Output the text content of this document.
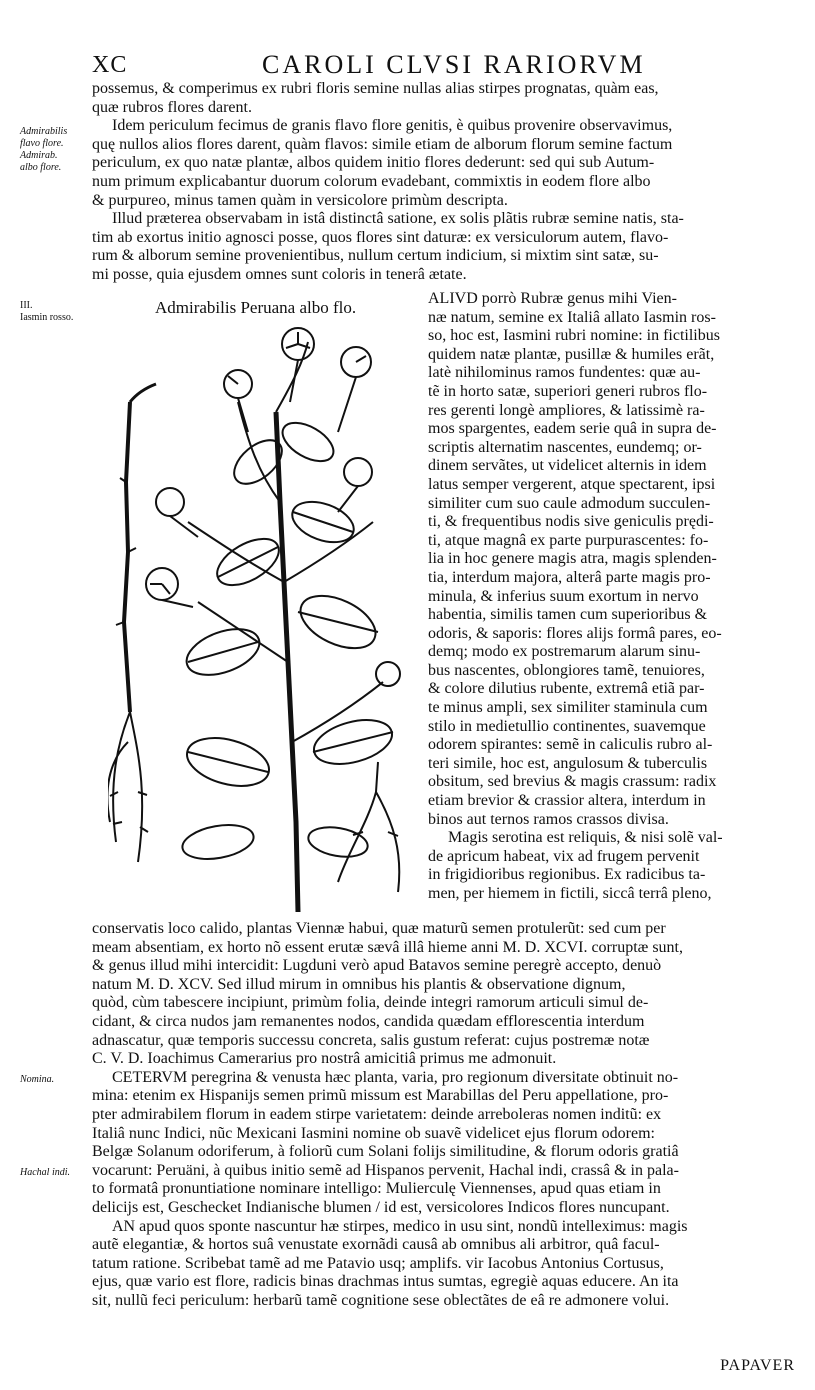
XC	CAROLI CLVSI RARIORVM
possemus, & comperimus ex rubri floris semine nullas alias stirpes prognatas, quàm eas,
quæ rubros flores darent.
Idem periculum fecimus de granis flavo flore genitis, è quibus provenire observavimus,
quę nullos alios flores darent, quàm flavos: simile etiam de alborum florum semine factum
periculum, ex quo natæ plantæ, albos quidem initio flores dederunt: sed qui sub Autum-
num primum explicabantur duorum colorum evadebant, commixtis in eodem flore albo
& purpureo, minus tamen quàm in versicolore primùm descripta.
Illud præterea observabam in istâ distinctâ satione, ex solis plãtis rubræ semine natis, sta-
tim ab exortus initio agnosci posse, quos flores sint daturæ: ex versiculorum autem, flavo-
rum & alborum semine provenientibus, nullum certum indicium, si mixtim sint satæ, su-
mi posse, quia ejusdem omnes sunt coloris in tenerâ ætate.
Admirabilis
flavo flore.
Admirab.
albo flore.
III.
Iasmin rosso.
Admirabilis Peruana albo flo.	ALIVD porrò Rubræ genus mihi Vien-
næ natum, semine ex Italiâ allato Iasmin ros-
so, hoc est, Iasmini rubri nomine: in fictilibus
quidem natæ plantæ, pusillæ & humiles erãt,
latè nihilominus ramos fundentes: quæ au-
tẽ in horto satæ, superiori generi rubros flo-
res gerenti longè ampliores, & latissimè ra-
mos spargentes, eadem serie quâ in supra de-
scriptis alternatim nascentes, eundemq; or-
dinem servãtes, ut videlicet alternis in idem
latus semper vergerent, atque spectarent, ipsi
similiter cum suo caule admodum succulen-
ti, & frequentibus nodis sive geniculis prędi-
ti, atque magnâ ex parte purpurascentes: fo-
lia in hoc genere magis atra, magis splenden-
tia, interdum majora, alterâ parte magis pro-
minula, & inferius suum exortum in nervo
habentia, similis tamen cum superioribus &
odoris, & saporis: flores alijs formâ pares, eo-
demq; modo ex postremarum alarum sinu-
bus nascentes, oblongiores tamẽ, tenuiores,
& colore dilutius rubente, extremâ etiã par-
te minus ampli, sex similiter staminula cum
stilo in medietullio continentes, suavemque
odorem spirantes: semẽ in caliculis rubro al-
teri simile, hoc est, angulosum & tuberculis
obsitum, sed brevius & magis crassum: radix
etiam brevior & crassior altera, interdum in
binos aut ternos ramos crassos divisa.
Magis serotina est reliquis, & nisi solẽ val-
de apricum habeat, vix ad frugem pervenit
in frigidioribus regionibus. Ex radicibus ta-
men, per hiemem in fictili, siccâ terrâ pleno,
conservatis loco calido, plantas Viennæ habui, quæ maturũ semen protulerũt: sed cum per
meam absentiam, ex horto nõ essent erutæ sævâ illâ hieme anni M. D. XCVI. corruptæ sunt,
& genus illud mihi intercidit: Lugduni verò apud Batavos semine peregrè accepto, denuò
natum M. D. XCV. Sed illud mirum in omnibus his plantis & observatione dignum,
quòd, cùm tabescere incipiunt, primùm folia, deinde integri ramorum articuli simul de-
cidant, & circa nudos jam remanentes nodos, candida quædam efflorescentia interdum
adnascatur, quæ temporis successu concreta, salis gustum referat: cujus postremæ notæ
C. V. D. Ioachimus Camerarius pro nostrâ amicitiâ primus me admonuit.
CETERVM peregrina & venusta hæc planta, varia, pro regionum diversitate obtinuit no-
mina: etenim ex Hispanijs semen primũ missum est Marabillas del Peru appellatione, pro-
pter admirabilem florum in eadem stirpe varietatem: deinde arreboleras nomen inditũ: ex
Italiâ nunc Indici, nũc Mexicani Iasmini nomine ob suavẽ videlicet ejus florum odorem:
Belgæ Solanum odoriferum, à foliorũ cum Solani folijs similitudine, & florum odoris gratiâ
vocarunt: Peruäni, à quibus initio semẽ ad Hispanos pervenit, Hachal indi, crassâ & in pala-
to formatâ pronuntiatione nominare intelligo: Mulierculę Viennenses, apud quas etiam in
delicijs est, Geschecket Indianische blumen / id est, versicolores Indicos flores nuncupant.
AN apud quos sponte nascuntur hæ stirpes, medico in usu sint, nondũ intelleximus: magis
autẽ elegantiæ, & hortos suâ venustate exornãdi causâ ab omnibus ali arbitror, quâ facul-
tatum ratione. Scribebat tamẽ ad me Patavio usq; amplifs. vir Iacobus Antonius Cortusus,
ejus, quæ vario est flore, radicis binas drachmas intus sumtas, egregiè aquas educere. An ita
sit, nullũ feci periculum: herbarũ tamẽ cognitione sese oblectãtes de eâ re admonere volui.
Nomina.
Hachal indi.
PAPAVER
